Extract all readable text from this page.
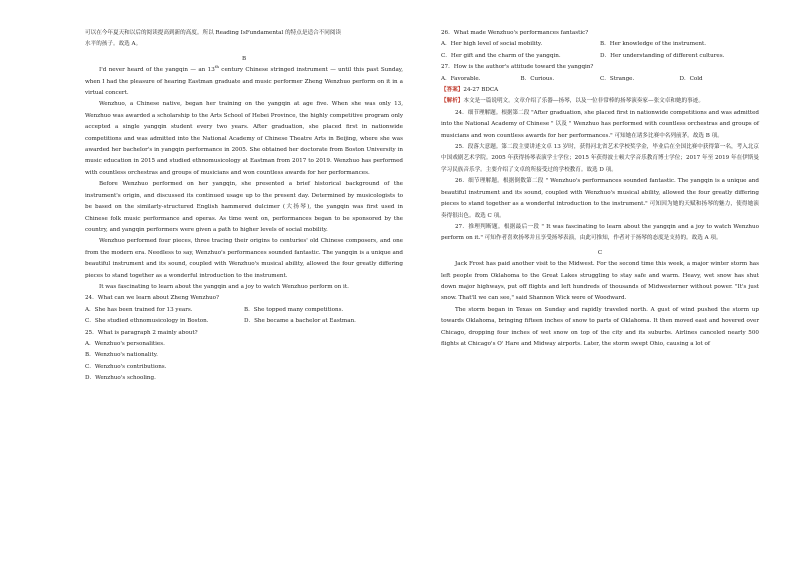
可以在今年夏天和以后的阅读提高到新的高度。所以 Reading IsFundamental 的特点是适合不同阅读

水平的孩子。故选 A。

B

I'd never heard of the yangqin — an 13th century Chinese stringed instrument — until this past Sunday, when I had the pleasure of hearing Eastman graduate and music performer Zheng Wenzhuo perform on it in a virtual concert.

Wenzhuo, a Chinese native, began her training on the yangqin at age five. When she was only 13, Wenzhuo was awarded a scholarship to the Arts School of Hebei Province, the highly competitive program only accepted a single yangqin student every two years. After graduation, she placed first in nationwide competitions and was admitted into the National Academy of Chinese Theatre Arts in Beijing, where she was awarded her bachelor's in yangqin performance in 2005. She obtained her doctorate from Boston University in music education in 2015 and studied ethnomusicology at Eastman from 2017 to 2019. Wenzhuo has performed with countless orchestras and groups of musicians and won countless awards for her performances.

Before Wenzhuo performed on her yangqin, she presented a brief historical background of the instrument's origin, and discussed its continued usage up to the present day. Determined by musicologists to be based on the similarly-structured English hammered dulcimer (大扬琴), the yangqin was first used in Chinese folk music performance and operas. As time went on, performances began to be sponsored by the country, and yangqin performers were given a path to higher levels of social mobility.

Wenzhuo performed four pieces, three tracing their origins to centuries' old Chinese composers, and one from the modern era. Needless to say, Wenzhuo's performances sounded fantastic. The yangqin is a unique and beautiful instrument and its sound, coupled with Wenzhuo's musical ability, allowed the four greatly differing pieces to stand together as a wonderful introduction to the instrument.

It was fascinating to learn about the yangqin and a joy to watch Wenzhuo perform on it.

24．What can we learn about Zheng Wenzhuo?

A．She has been trained for 13 years.	B．She topped many competitions.
C．She studied ethnomusicology in Boston.	D．She became a bachelor at Eastman.

25．What is paragraph 2 mainly about?

A．Wenzhuo's personalities.

B．Wenzhuo's nationality.

C．Wenzhuo's contributions.

D．Wenzhuo's schooling.

26．What made Wenzhuo's performances fantastic?

A．Her high level of social mobility.	B．Her knowledge of the instrument.
C．Her gift and the charm of the yangqin.	D．Her understanding of different cultures.

27．How is the author's attitude toward the yangqin?

A．Favorable.	B．Curious.	C．Strange.	D．Cold

【答案】24-27 BDCA

【解析】本文是一篇说明文。文章介绍了乐器—扬琴，以及一位非常棒的扬琴演奏家—张文卓和她的事迹。

24．细节理解题。根据第二段 "After graduation, she placed first in nationwide competitions and was admitted into the National Academy of Chinese " 以及 " Wenzhuo has performed with countless orchestras and groups of musicians and won countless awards for her performances." 可知她在诸多比赛中名列前茅。故选 B 项。

25．段落大意题。第二段主要讲述文卓 13 岁时，获得河北省艺术学校奖学金，毕业后在全国比赛中获得第一名，考入北京中国戏剧艺术学院。2005 年获得扬琴表演学士学位；2015 年获得波士顿大学音乐教育博士学位；2017 年至 2019 年在伊斯曼学习民族音乐学。主要介绍了文卓的所接受过的学校教育。故选 D 项。

26．细节理解题。根据倒数第二段 " Wenzhuo's performances sounded fantastic. The yangqin is a unique and beautiful instrument and its sound, coupled with Wenzhuo's musical ability, allowed the four greatly differing pieces to stand together as a wonderful introduction to the instrument." 可知因为她的天赋和扬琴的魅力，使得她演奏得很出色。故选 C 项。

27．推理判断题。根据最后一段 " It was fascinating to learn about the yangqin and a joy to watch Wenzhuo perform on it." 可知作者喜欢扬琴并且享受扬琴表演，由此可推知，作者对于扬琴的态度是支持的。故选 A 项。

C

Jack Frost has paid another visit to the Midwest. For the second time this week, a major winter storm has left people from Oklahoma to the Great Lakes struggling to stay safe and warm. Heavy, wet snow has shut down major highways, put off flights and left hundreds of thousands of Midwesterner without power. "It's just snow. That'll we can see," said Shannon Wick were of Woodward.

The storm began in Texas on Sunday and rapidly traveled north. A gust of wind pushed the storm up towards Oklahoma, bringing fifteen inches of snow to parts of Oklahoma. It then moved east and hovered over Chicago, dropping four inches of wet snow on top of the city and its suburbs. Airlines canceled nearly 500 flights at Chicago's O' Hare and Midway airports. Later, the storm swept Ohio, causing a lot of
